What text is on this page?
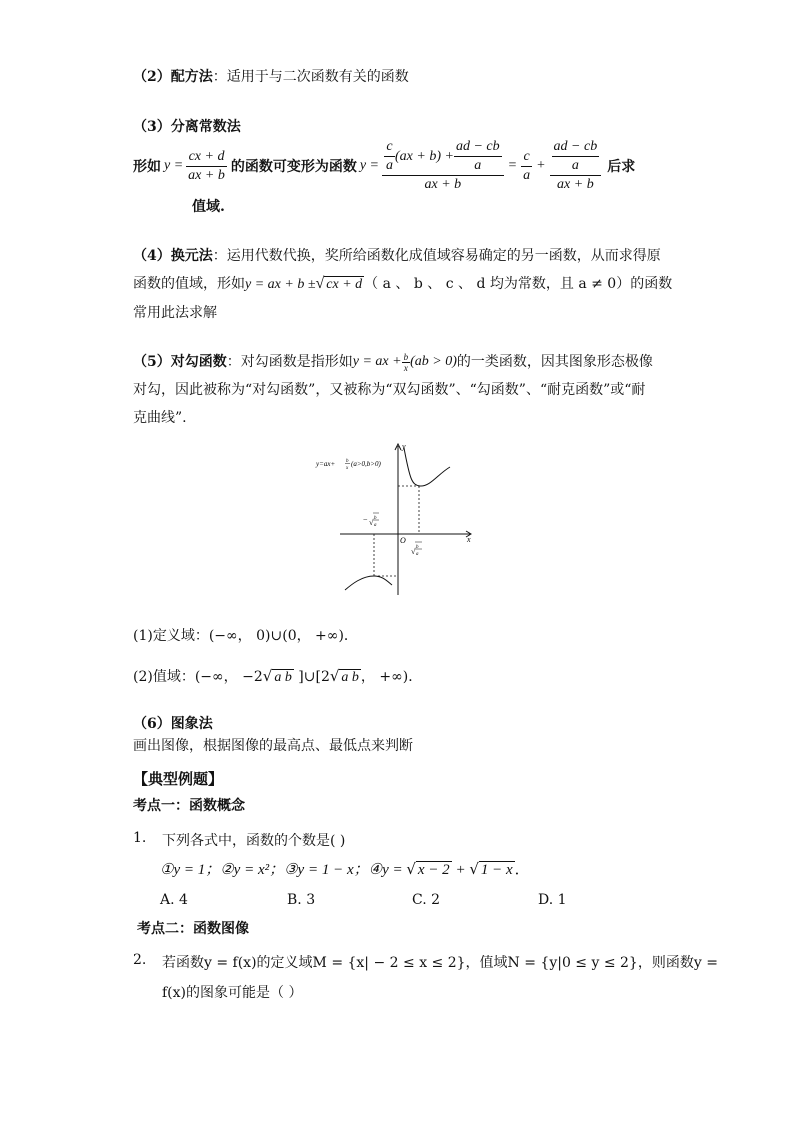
（2）配方法：适用于与二次函数有关的函数
（3）分离常数法
形如 $y = \frac{cx + d}{ax + b}$ 的函数可变形为函数 $y = \frac{\frac{c}{a} (ax + b) + \frac{ad - cb}{a}}{ax + b} = \frac{c}{a} + \frac{\frac{ad - cb}{a}}{ax + b}$ 后求
值域.
（4）换元法：运用代数代换，奖所给函数化成值域容易确定的另一函数，从而求得原
函数的值域，形如y = ax + b ±√ cx + d （ a 、 b 、 c 、 d 均为常数，且 a ≠ 0）的函数
常用此法求解
（5） 对勾函数 ：对勾函数是指形如 y = ax + $\frac{b}{x} (ab > 0)$ 的一类函数，因其图象形态极像
对勾，因此被称为“对勾函数”，又被称为“双勾函数”、“勾函数”、“耐克函数”或“耐
克曲线”.
y=ax+ b
x
(a>0,b>0)
y
x
O
− √ b
a
√ b
a
(1)定义域：(−∞， 0)∪(0， +∞)．
(2)值域：(−∞， −2√ a b ]∪[2√ a b ， +∞)．
（6）图象法
画出图像，根据图像的最高点、最低点来判断
【典型例题】
考点一：函数概念
1. 下列各式中，函数的个数是( )
①y = 1；②y = x²；③y = 1 − x；④y = √ x − 2 + √ 1 − x ．
A. 4	B. 3	C. 2	D. 1
考点二：函数图像
2. 若函数y = f(x)的定义域M = {x| − 2 ≤ x ≤ 2}，值域N = {y|0 ≤ y ≤ 2}，则函数y =
f(x)的图象可能是（ ）
